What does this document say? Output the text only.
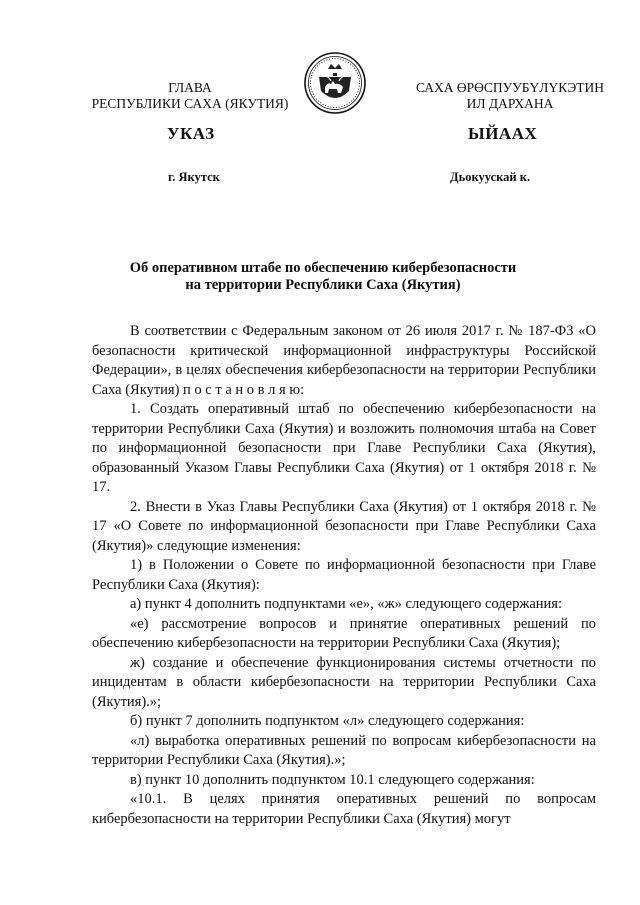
ГЛАВА
РЕСПУБЛИКИ САХА (ЯКУТИЯ)
САХА ӨРӨСПУУБҮЛҮКЭТИН
ИЛ ДАРХАНА
УКАЗ	ЫЙААХ
г. Якутск	Дьокуускай к.
Об оперативном штабе по обеспечению кибербезопасности
на территории Республики Саха (Якутия)

В соответствии с Федеральным законом от 26 июля 2017 г. № 187-ФЗ «О безопасности критической информационной инфраструктуры Российской Федерации», в целях обеспечения кибербезопасности на территории Республики Саха (Якутия) п о с т а н о в л я ю:

1. Создать оперативный штаб по обеспечению кибербезопасности на территории Республики Саха (Якутия) и возложить полномочия штаба на Совет по информационной безопасности при Главе Республики Саха (Якутия), образованный Указом Главы Республики Саха (Якутия) от 1 октября 2018 г. № 17.

2. Внести в Указ Главы Республики Саха (Якутия) от 1 октября 2018 г. № 17 «О Совете по информационной безопасности при Главе Республики Саха (Якутия)» следующие изменения:

1) в Положении о Совете по информационной безопасности при Главе Республики Саха (Якутия):

а) пункт 4 дополнить подпунктами «е», «ж» следующего содержания:

«е) рассмотрение вопросов и принятие оперативных решений по обеспечению кибербезопасности на территории Республики Саха (Якутия);

ж) создание и обеспечение функционирования системы отчетности по инцидентам в области кибербезопасности на территории Республики Саха (Якутия).»;

б) пункт 7 дополнить подпунктом «л» следующего содержания:

«л) выработка оперативных решений по вопросам кибербезопасности на территории Республики Саха (Якутия).»;

в) пункт 10 дополнить подпунктом 10.1 следующего содержания:

«10.1. В целях принятия оперативных решений по вопросам кибербезопасности на территории Республики Саха (Якутия) могут
